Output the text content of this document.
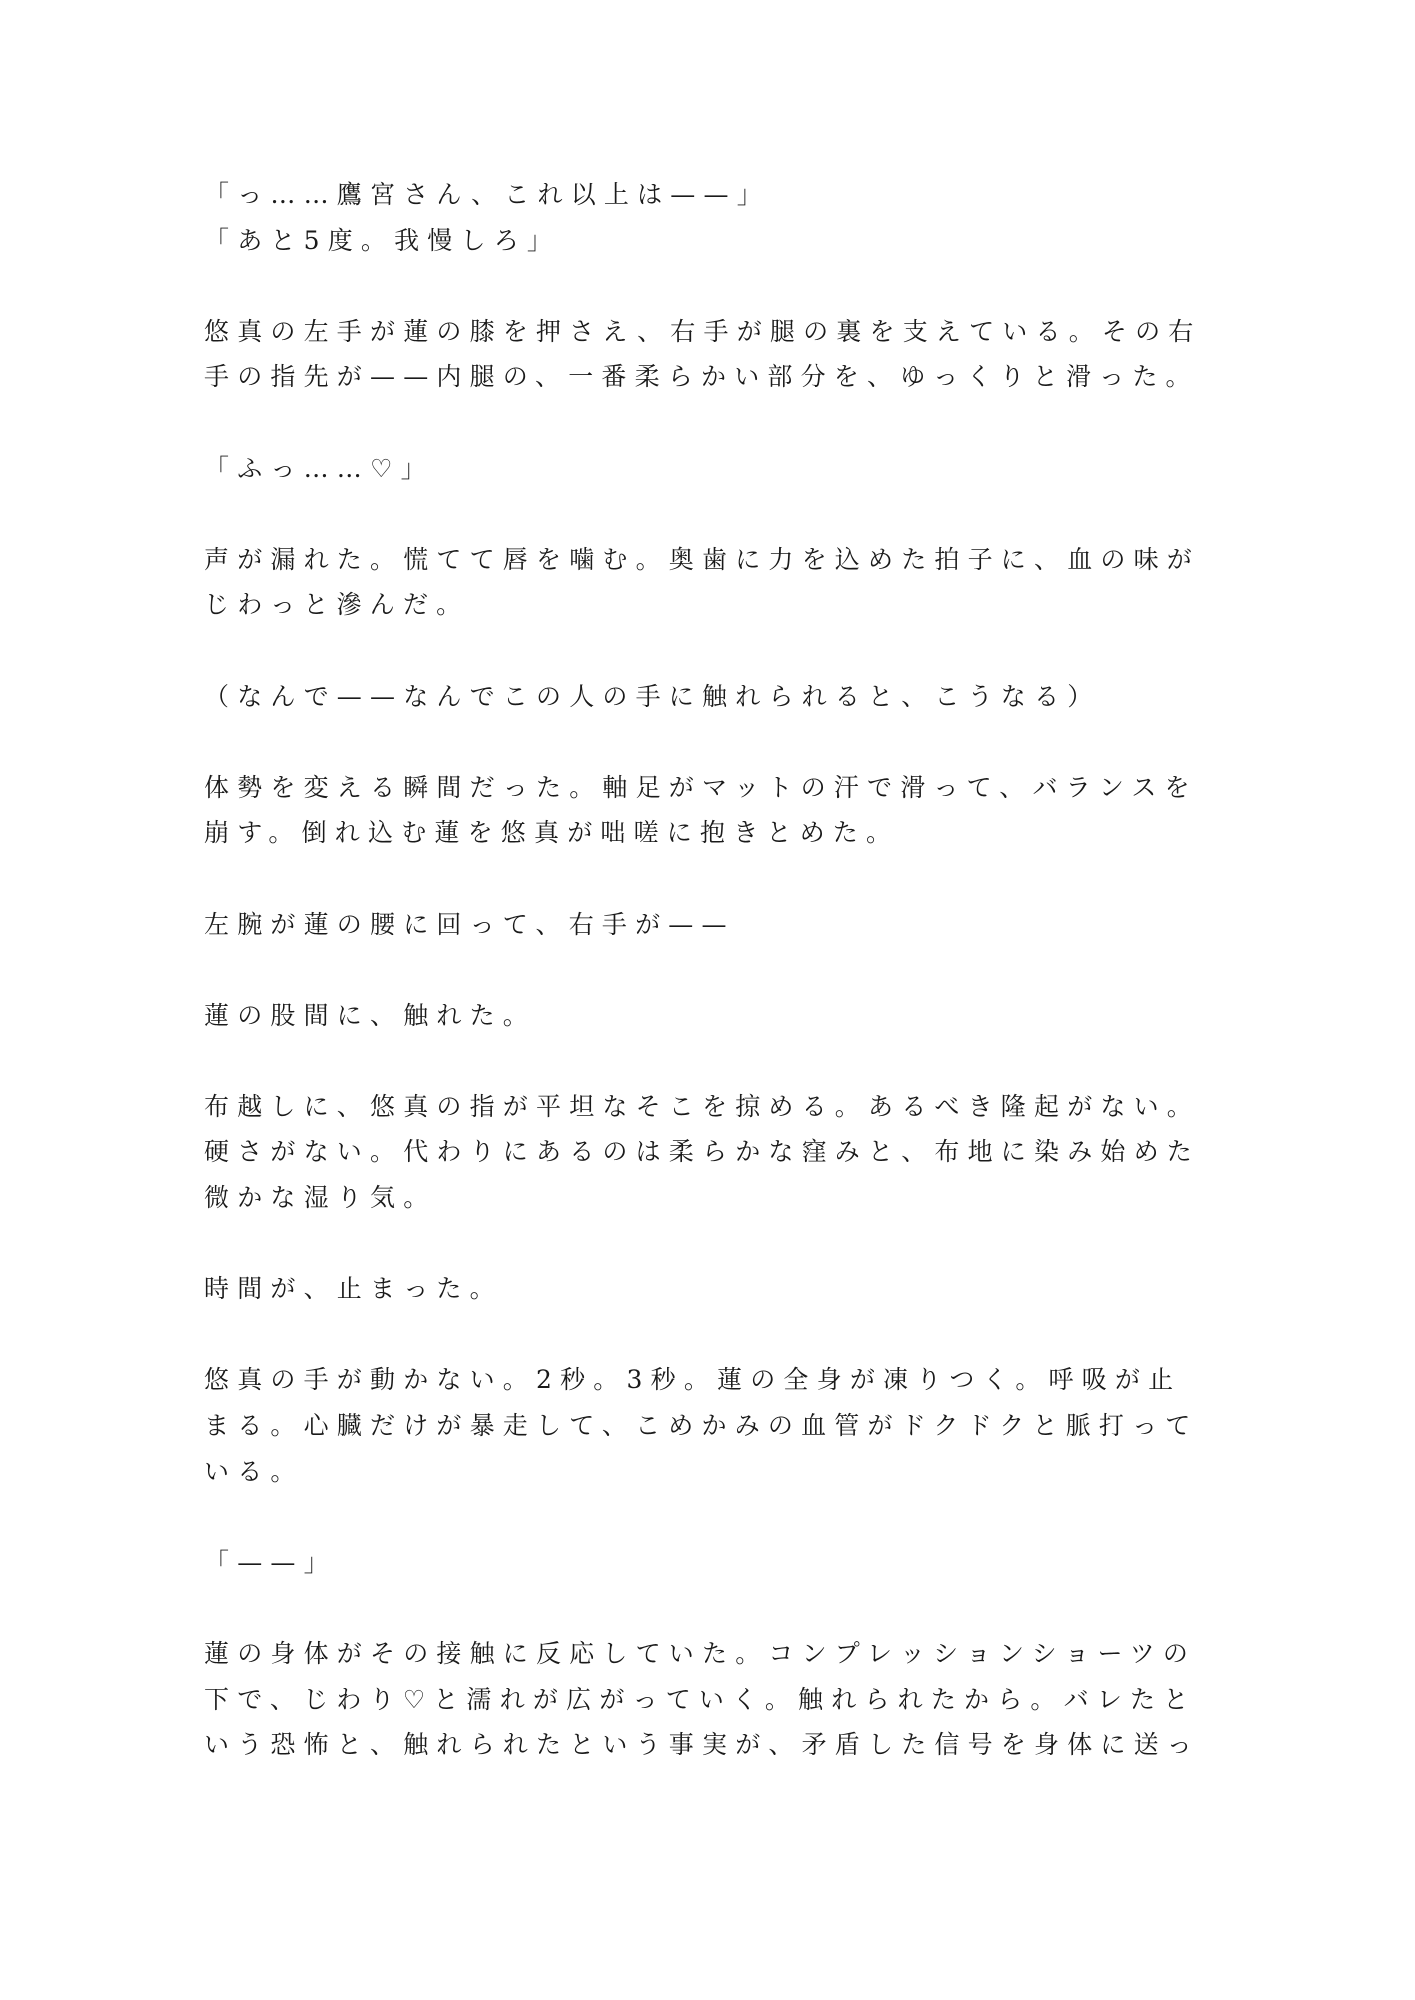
「っ……鷹宮さん、これ以上は——」
「あと5度。我慢しろ」
悠真の左手が蓮の膝を押さえ、右手が腿の裏を支えている。その右
手の指先が——内腿の、一番柔らかい部分を、ゆっくりと滑った。
「ふっ……♡」
声が漏れた。慌てて唇を噛む。奥歯に力を込めた拍子に、血の味が
じわっと滲んだ。
（なんで——なんでこの人の手に触れられると、こうなる）
体勢を変える瞬間だった。軸足がマットの汗で滑って、バランスを
崩す。倒れ込む蓮を悠真が咄嗟に抱きとめた。
左腕が蓮の腰に回って、右手が——
蓮の股間に、触れた。
布越しに、悠真の指が平坦なそこを掠める。あるべき隆起がない。
硬さがない。代わりにあるのは柔らかな窪みと、布地に染み始めた
微かな湿り気。
時間が、止まった。
悠真の手が動かない。2秒。3秒。蓮の全身が凍りつく。呼吸が止
まる。心臓だけが暴走して、こめかみの血管がドクドクと脈打って
いる。
「——」
蓮の身体がその接触に反応していた。コンプレッションショーツの
下で、じわり♡と濡れが広がっていく。触れられたから。バレたと
いう恐怖と、触れられたという事実が、矛盾した信号を身体に送っ
